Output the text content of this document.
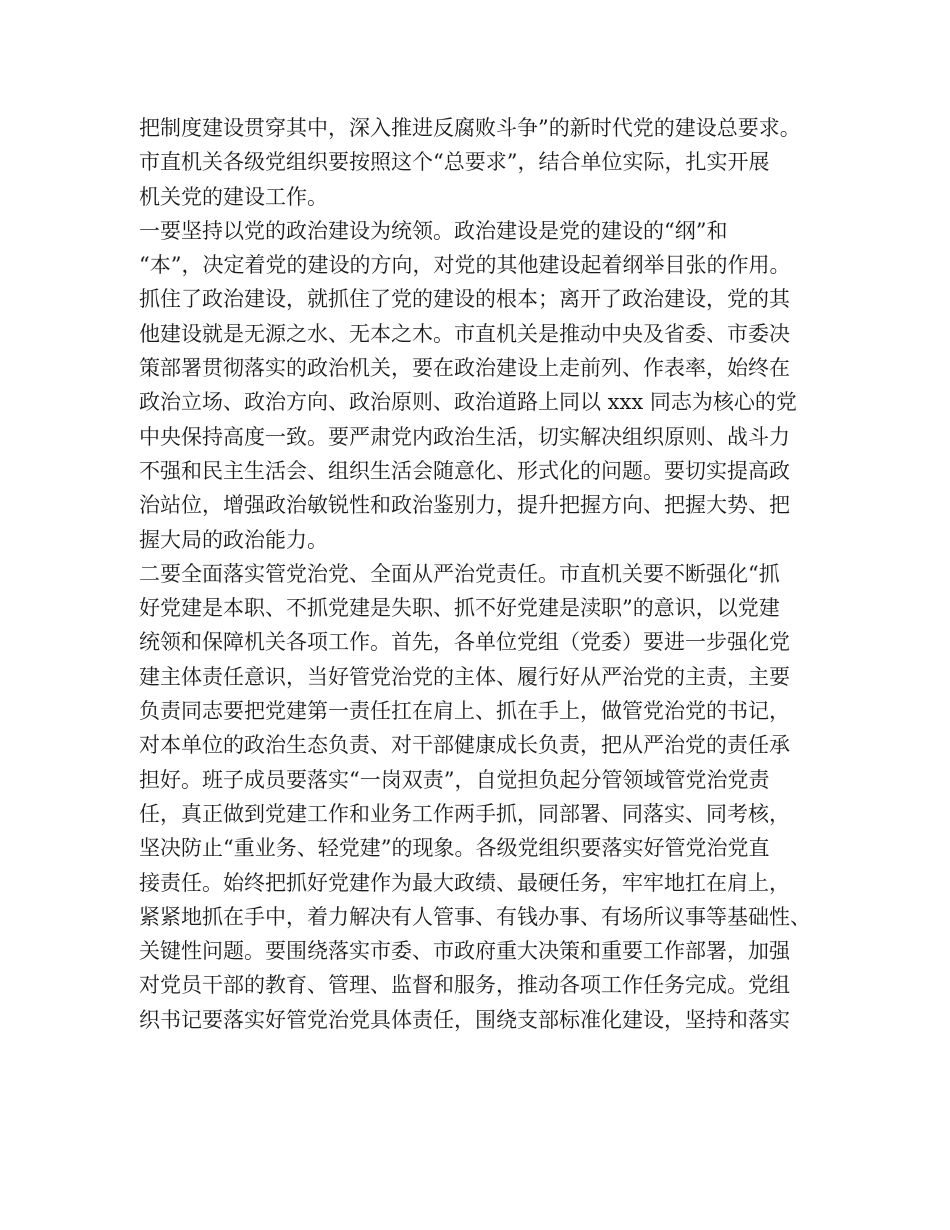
把制度建设贯穿其中，深入推进反腐败斗争”的新时代党的建设总要求。
市直机关各级党组织要按照这个“总要求”，结合单位实际，扎实开展
机关党的建设工作。
一要坚持以党的政治建设为统领。政治建设是党的建设的“纲”和
“本”，决定着党的建设的方向，对党的其他建设起着纲举目张的作用。
抓住了政治建设，就抓住了党的建设的根本；离开了政治建设，党的其
他建设就是无源之水、无本之木。市直机关是推动中央及省委、市委决
策部署贯彻落实的政治机关，要在政治建设上走前列、作表率，始终在
政治立场、政治方向、政治原则、政治道路上同以 xxx 同志为核心的党
中央保持高度一致。要严肃党内政治生活，切实解决组织原则、战斗力
不强和民主生活会、组织生活会随意化、形式化的问题。要切实提高政
治站位，增强政治敏锐性和政治鉴别力，提升把握方向、把握大势、把
握大局的政治能力。
二要全面落实管党治党、全面从严治党责任。市直机关要不断强化“抓
好党建是本职、不抓党建是失职、抓不好党建是渎职”的意识，以党建
统领和保障机关各项工作。首先，各单位党组（党委）要进一步强化党
建主体责任意识，当好管党治党的主体、履行好从严治党的主责，主要
负责同志要把党建第一责任扛在肩上、抓在手上，做管党治党的书记，
对本单位的政治生态负责、对干部健康成长负责，把从严治党的责任承
担好。班子成员要落实“一岗双责”，自觉担负起分管领域管党治党责
任，真正做到党建工作和业务工作两手抓，同部署、同落实、同考核，
坚决防止“重业务、轻党建”的现象。各级党组织要落实好管党治党直
接责任。始终把抓好党建作为最大政绩、最硬任务，牢牢地扛在肩上，
紧紧地抓在手中，着力解决有人管事、有钱办事、有场所议事等基础性、
关键性问题。要围绕落实市委、市政府重大决策和重要工作部署，加强
对党员干部的教育、管理、监督和服务，推动各项工作任务完成。党组
织书记要落实好管党治党具体责任，围绕支部标准化建设，坚持和落实
